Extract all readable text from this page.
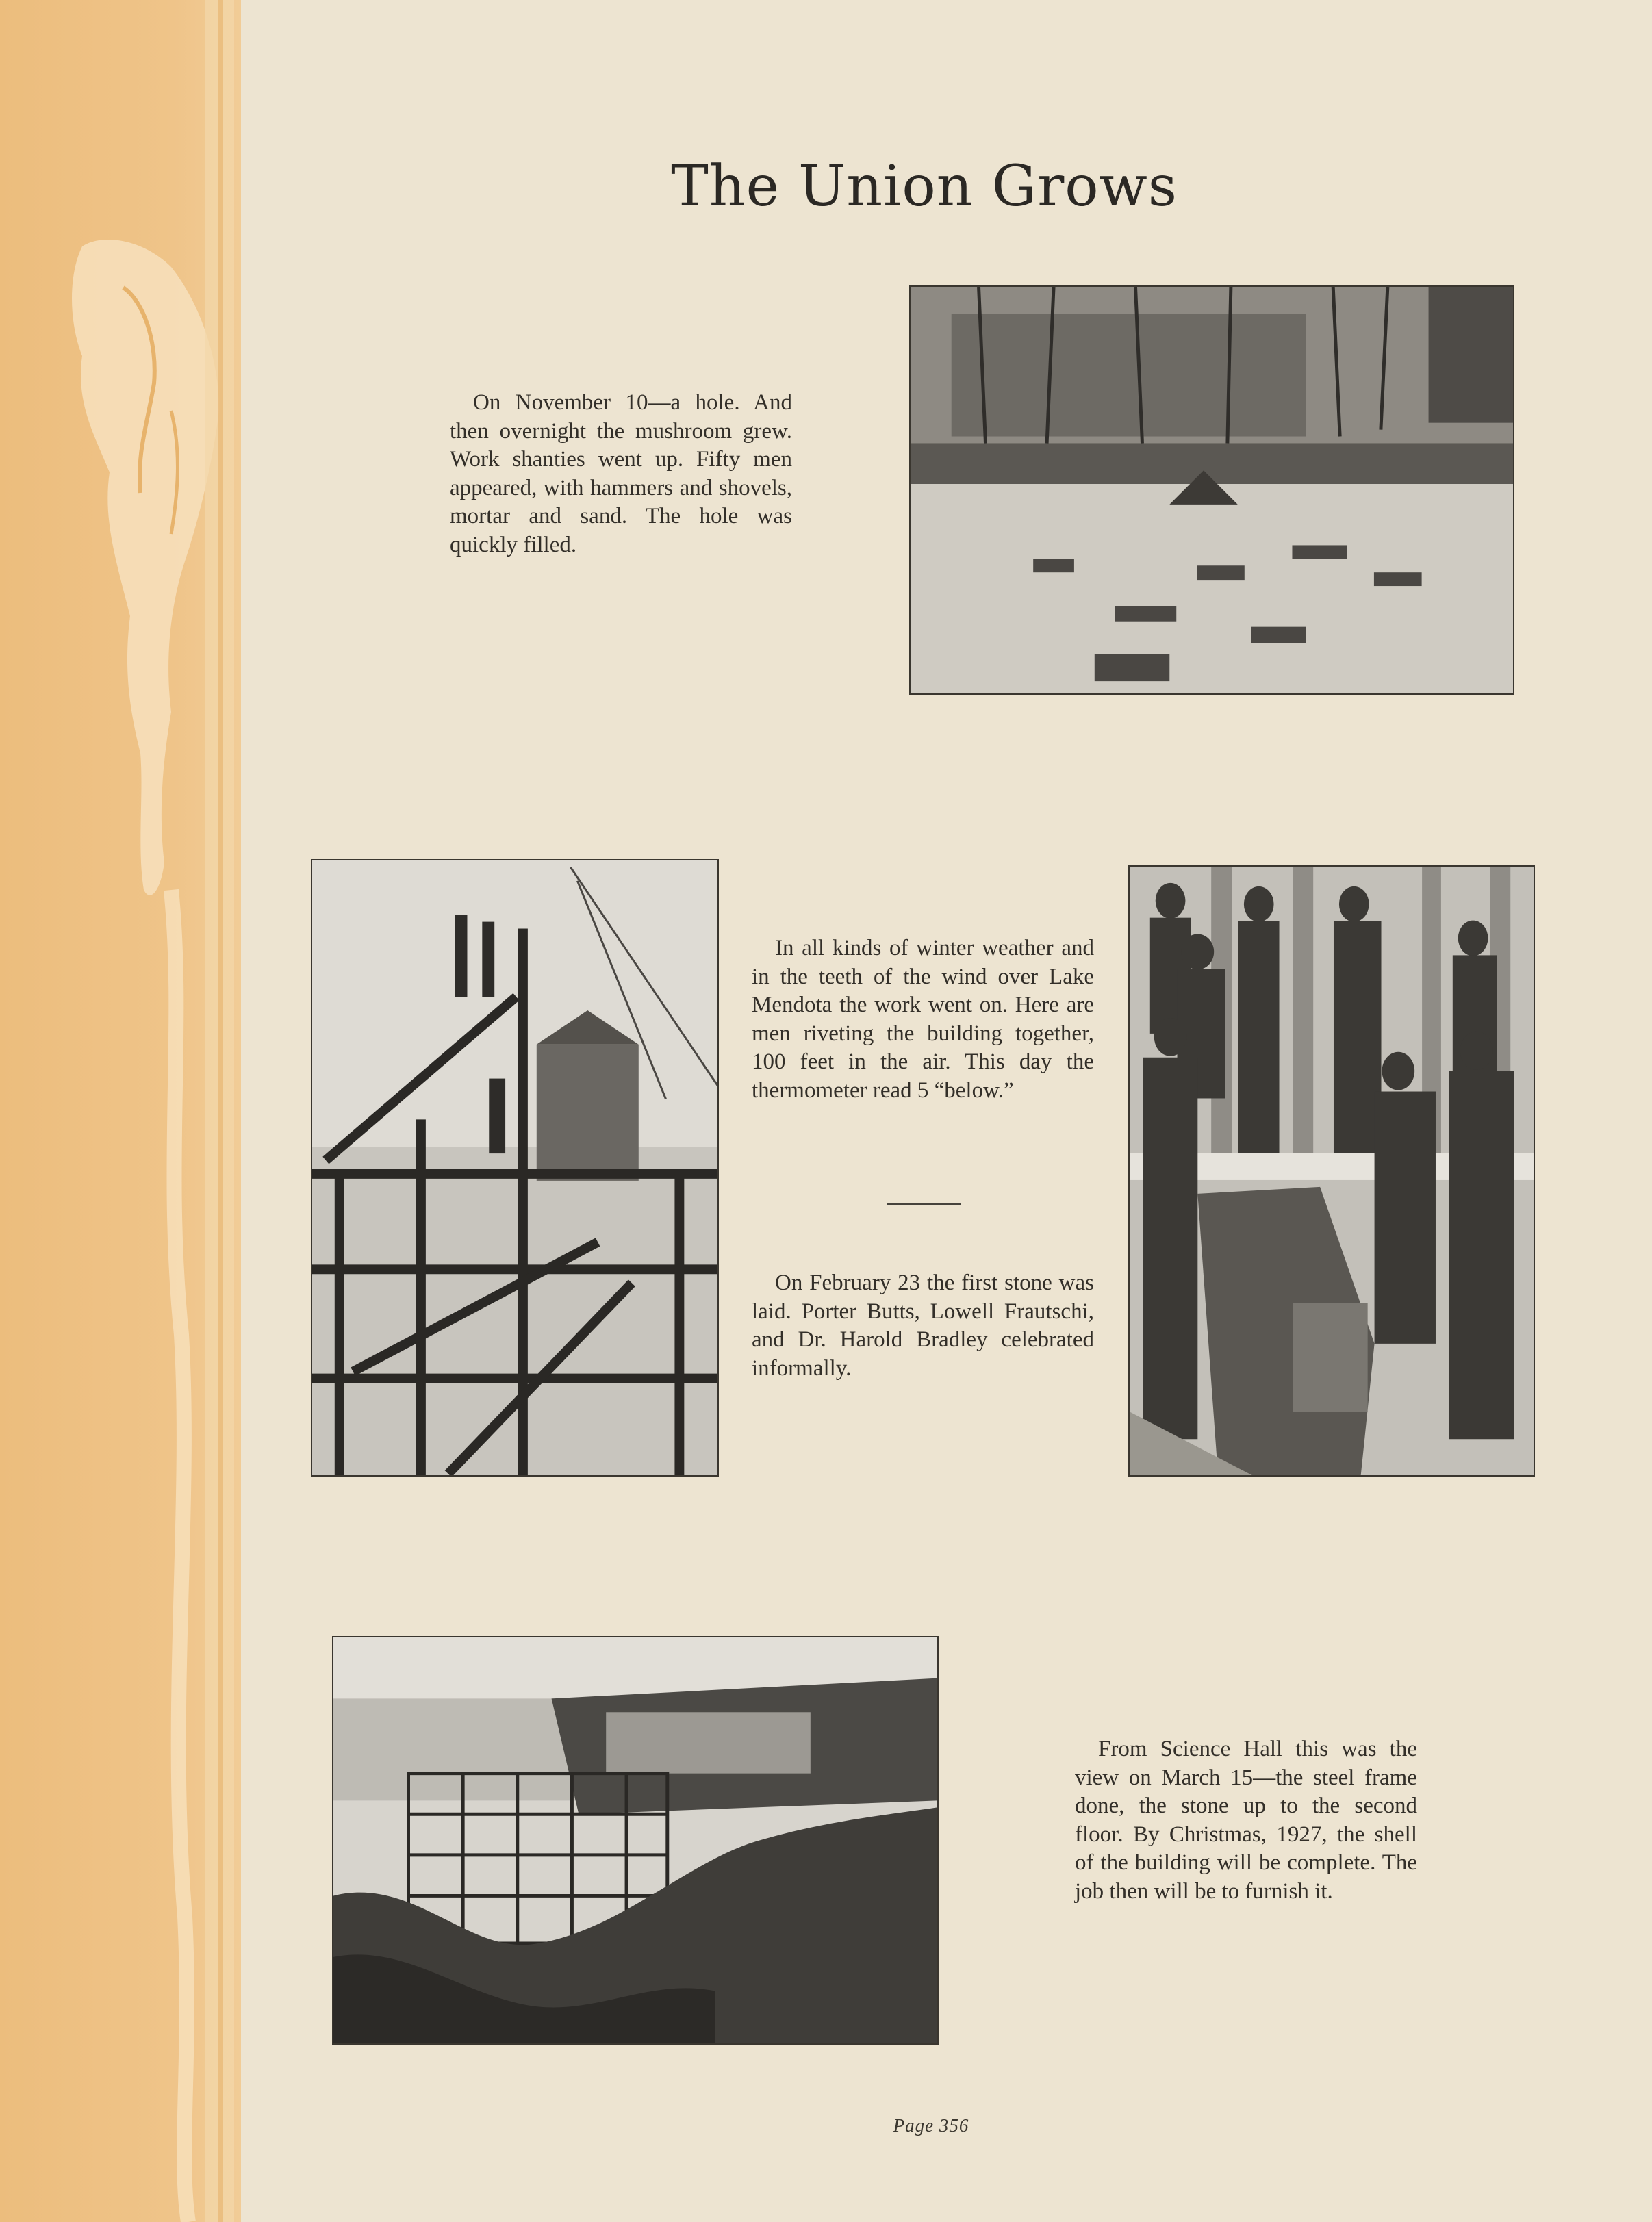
The Union Grows
On November 10—a hole. And then overnight the mushroom grew. Work shanties went up. Fifty men appeared, with hammers and shovels, mortar and sand. The hole was quickly filled.
In all kinds of winter weather and in the teeth of the wind over Lake Mendota the work went on. Here are men riveting the building together, 100 feet in the air. This day the thermometer read 5 “below.”
On February 23 the first stone was laid. Porter Butts, Lowell Frautschi, and Dr. Harold Bradley celebrated informally.
From Science Hall this was the view on March 15—the steel frame done, the stone up to the second floor. By Christmas, 1927, the shell of the building will be complete. The job then will be to furnish it.
Page 356
